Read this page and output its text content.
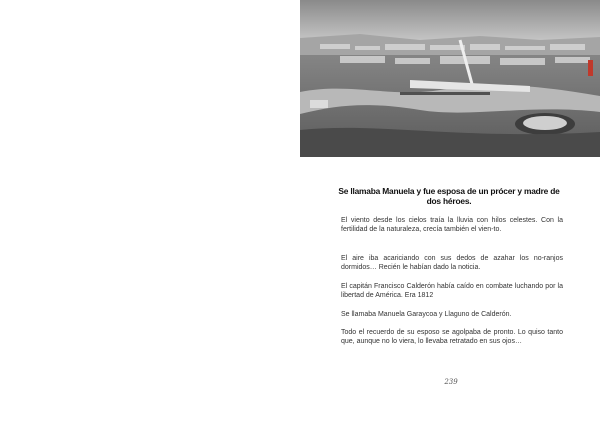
Se llamaba Manuela y fue esposa de un prócer y madre de dos héroes.
El viento desde los cielos traía la lluvia con hilos celestes. Con la fertilidad de la naturaleza, crecía también el vien-to.
El aire iba acariciando con sus dedos de azahar los no-ranjos dormidos… Recién le habían dado la noticia.
El capitán Francisco Calderón había caído en combate luchando por la libertad de América. Era 1812
Se llamaba Manuela Garaycoa y Llaguno de Calderón.
Todo el recuerdo de su esposo se agolpaba de pronto. Lo quiso tanto que, aunque no lo viera, lo llevaba retratado en sus ojos…
239
